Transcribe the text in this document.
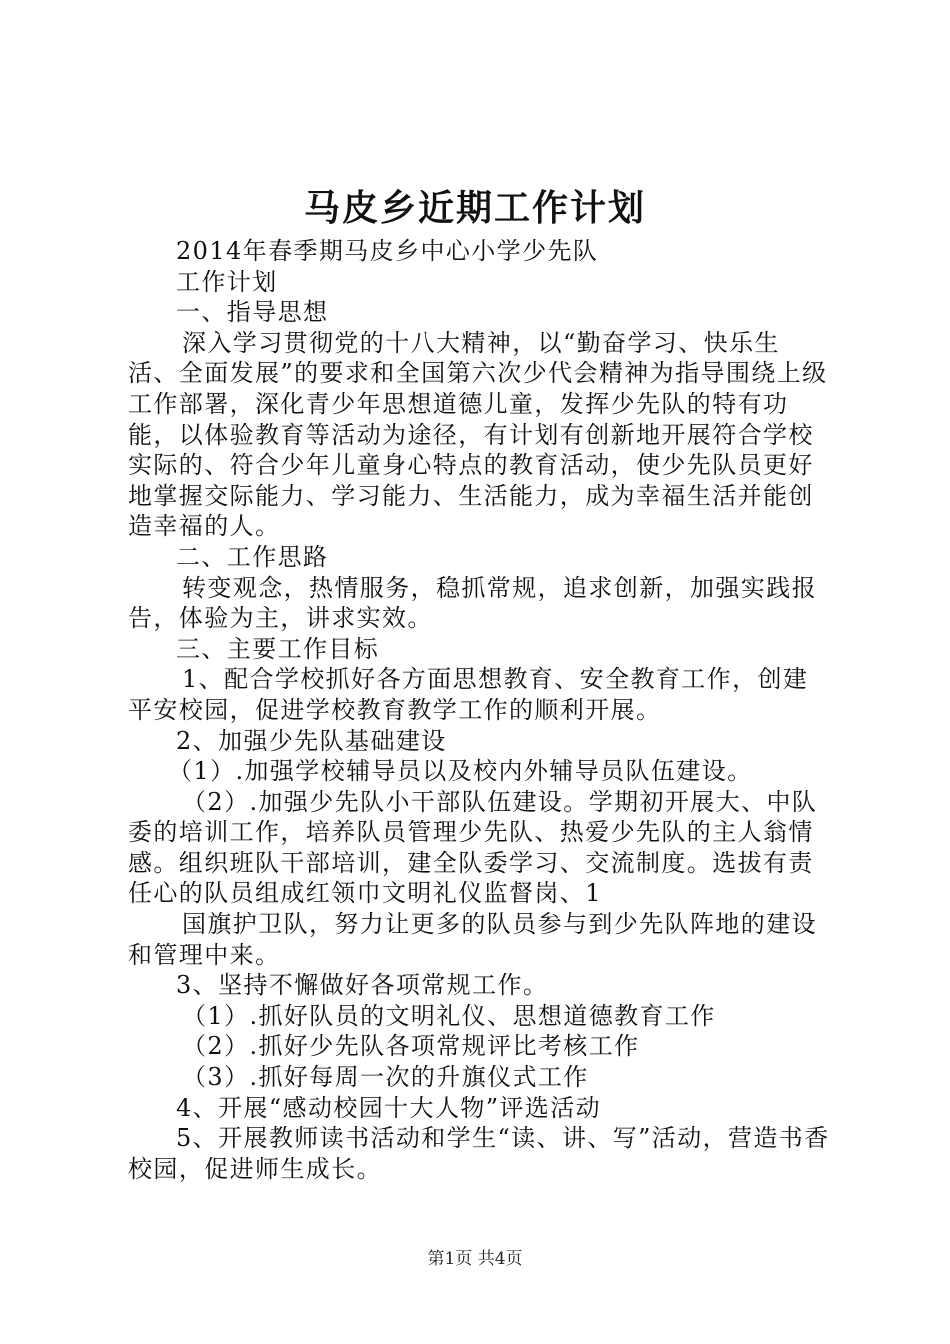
马皮乡近期工作计划

2014年春季期马皮乡中心小学少先队

工作计划

一、指导思想

深入学习贯彻党的十八大精神，以“勤奋学习、快乐生活、全面发展”的要求和全国第六次少代会精神为指导围绕上级工作部署，深化青少年思想道德儿童，发挥少先队的特有功能，以体验教育等活动为途径，有计划有创新地开展符合学校实际的、符合少年儿童身心特点的教育活动，使少先队员更好地掌握交际能力、学习能力、生活能力，成为幸福生活并能创造幸福的人。

二、工作思路

转变观念，热情服务，稳抓常规，追求创新，加强实践报告，体验为主，讲求实效。

三、主要工作目标

1、配合学校抓好各方面思想教育、安全教育工作，创建平安校园，促进学校教育教学工作的顺利开展。

2、加强少先队基础建设

（1）.加强学校辅导员以及校内外辅导员队伍建设。

（2）.加强少先队小干部队伍建设。学期初开展大、中队委的培训工作，培养队员管理少先队、热爱少先队的主人翁情感。组织班队干部培训，建全队委学习、交流制度。选拔有责任心的队员组成红领巾文明礼仪监督岗、1

国旗护卫队，努力让更多的队员参与到少先队阵地的建设和管理中来。

3、坚持不懈做好各项常规工作。

（1）.抓好队员的文明礼仪、思想道德教育工作

（2）.抓好少先队各项常规评比考核工作

（3）.抓好每周一次的升旗仪式工作

4、开展“感动校园十大人物”评选活动

5、开展教师读书活动和学生“读、讲、写”活动，营造书香校园，促进师生成长。

第1页 共4页
